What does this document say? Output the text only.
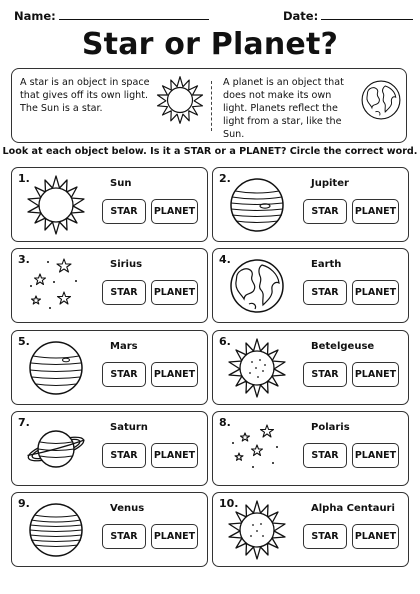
Name:	Date:
Star or Planet?
A star is an object in space that gives off its own light. The Sun is a star.
A planet is an object that does not make its own light. Planets reflect the light from a star, like the Sun.
Look at each object below. Is it a STAR or a PLANET? Circle the correct word.
1.	Sun
STAR	PLANET
2.	Jupiter
STAR	PLANET
3.	Sirius
STAR	PLANET
4.	Earth
STAR	PLANET
5.	Mars
STAR	PLANET
6.	Betelgeuse
STAR	PLANET
7.	Saturn
STAR	PLANET
8.	Polaris
STAR	PLANET
9.	Venus
STAR	PLANET
10.	Alpha Centauri
STAR	PLANET
